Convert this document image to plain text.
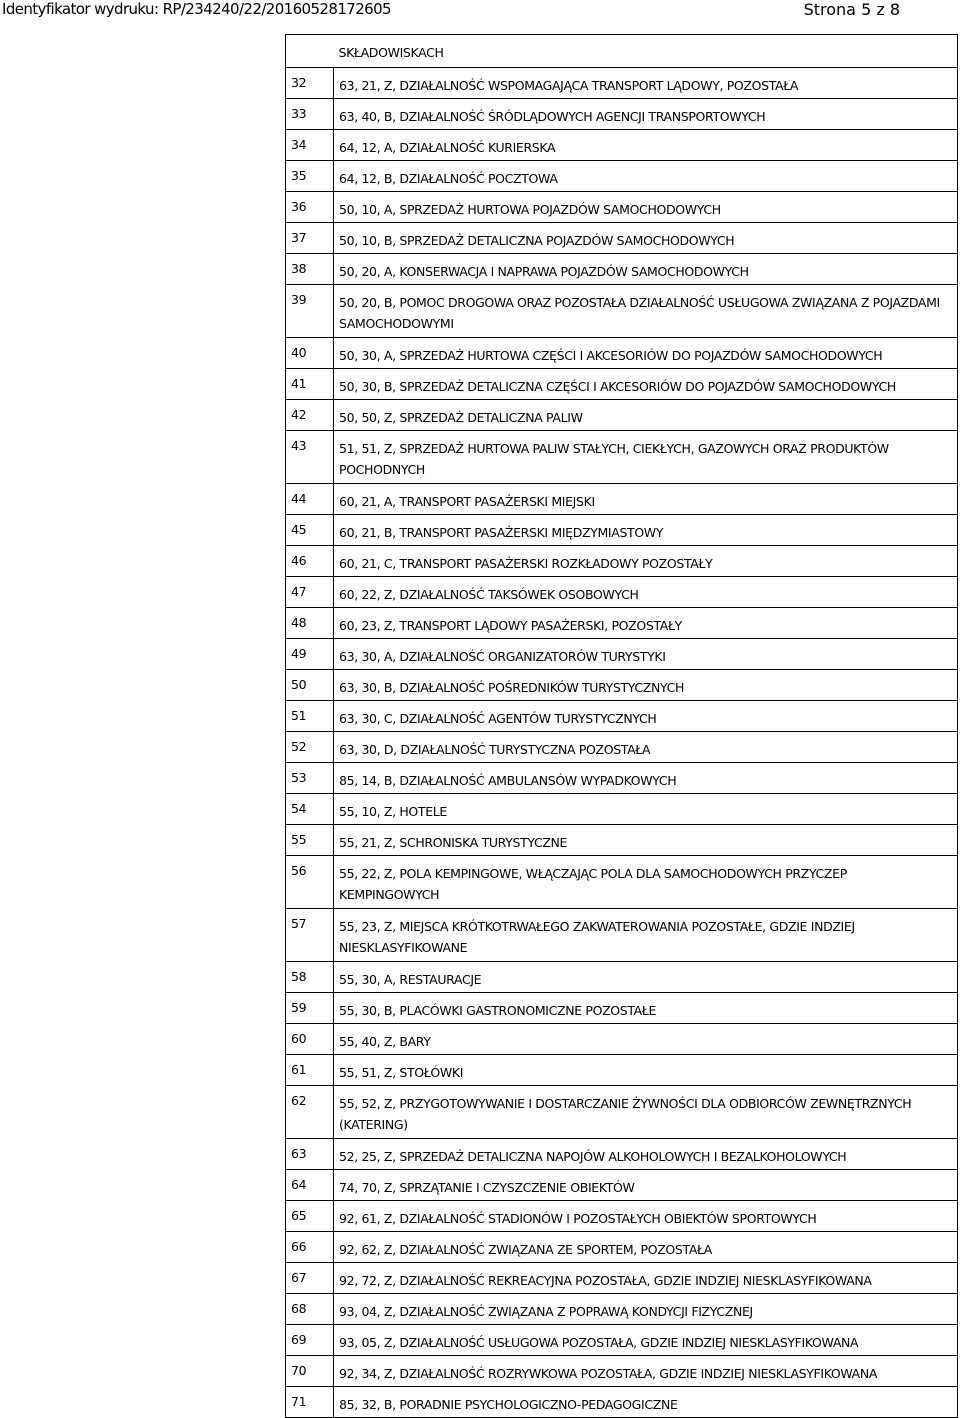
Identyfikator wydruku: RP/234240/22/20160528172605	Strona 5 z 8
	SKŁADOWISKACH
32	63, 21, Z, DZIAŁALNOŚĆ WSPOMAGAJĄCA TRANSPORT LĄDOWY, POZOSTAŁA
33	63, 40, B, DZIAŁALNOŚĆ ŚRÓDLĄDOWYCH AGENCJI TRANSPORTOWYCH
34	64, 12, A, DZIAŁALNOŚĆ KURIERSKA
35	64, 12, B, DZIAŁALNOŚĆ POCZTOWA
36	50, 10, A, SPRZEDAŻ HURTOWA POJAZDÓW SAMOCHODOWYCH
37	50, 10, B, SPRZEDAŻ DETALICZNA POJAZDÓW SAMOCHODOWYCH
38	50, 20, A, KONSERWACJA I NAPRAWA POJAZDÓW SAMOCHODOWYCH
39	50, 20, B, POMOC DROGOWA ORAZ POZOSTAŁA DZIAŁALNOŚĆ USŁUGOWA ZWIĄZANA Z POJAZDAMI SAMOCHODOWYMI
40	50, 30, A, SPRZEDAŻ HURTOWA CZĘŚCI I AKCESORIÓW DO POJAZDÓW SAMOCHODOWYCH
41	50, 30, B, SPRZEDAŻ DETALICZNA CZĘŚCI I AKCESORIÓW DO POJAZDÓW SAMOCHODOWYCH
42	50, 50, Z, SPRZEDAŻ DETALICZNA PALIW
43	51, 51, Z, SPRZEDAŻ HURTOWA PALIW STAŁYCH, CIEKŁYCH, GAZOWYCH ORAZ PRODUKTÓW POCHODNYCH
44	60, 21, A, TRANSPORT PASAŻERSKI MIEJSKI
45	60, 21, B, TRANSPORT PASAŻERSKI MIĘDZYMIASTOWY
46	60, 21, C, TRANSPORT PASAŻERSKI ROZKŁADOWY POZOSTAŁY
47	60, 22, Z, DZIAŁALNOŚĆ TAKSÓWEK OSOBOWYCH
48	60, 23, Z, TRANSPORT LĄDOWY PASAŻERSKI, POZOSTAŁY
49	63, 30, A, DZIAŁALNOŚĆ ORGANIZATORÓW TURYSTYKI
50	63, 30, B, DZIAŁALNOŚĆ POŚREDNIKÓW TURYSTYCZNYCH
51	63, 30, C, DZIAŁALNOŚĆ AGENTÓW TURYSTYCZNYCH
52	63, 30, D, DZIAŁALNOŚĆ TURYSTYCZNA POZOSTAŁA
53	85, 14, B, DZIAŁALNOŚĆ AMBULANSÓW WYPADKOWYCH
54	55, 10, Z, HOTELE
55	55, 21, Z, SCHRONISKA TURYSTYCZNE
56	55, 22, Z, POLA KEMPINGOWE, WŁĄCZAJĄC POLA DLA SAMOCHODOWYCH PRZYCZEP KEMPINGOWYCH
57	55, 23, Z, MIEJSCA KRÓTKOTRWAŁEGO ZAKWATEROWANIA POZOSTAŁE, GDZIE INDZIEJ NIESKLASYFIKOWANE
58	55, 30, A, RESTAURACJE
59	55, 30, B, PLACÓWKI GASTRONOMICZNE POZOSTAŁE
60	55, 40, Z, BARY
61	55, 51, Z, STOŁÓWKI
62	55, 52, Z, PRZYGOTOWYWANIE I DOSTARCZANIE ŻYWNOŚCI DLA ODBIORCÓW ZEWNĘTRZNYCH (KATERING)
63	52, 25, Z, SPRZEDAŻ DETALICZNA NAPOJÓW ALKOHOLOWYCH I BEZALKOHOLOWYCH
64	74, 70, Z, SPRZĄTANIE I CZYSZCZENIE OBIEKTÓW
65	92, 61, Z, DZIAŁALNOŚĆ STADIONÓW I POZOSTAŁYCH OBIEKTÓW SPORTOWYCH
66	92, 62, Z, DZIAŁALNOŚĆ ZWIĄZANA ZE SPORTEM, POZOSTAŁA
67	92, 72, Z, DZIAŁALNOŚĆ REKREACYJNA POZOSTAŁA, GDZIE INDZIEJ NIESKLASYFIKOWANA
68	93, 04, Z, DZIAŁALNOŚĆ ZWIĄZANA Z POPRAWĄ KONDYCJI FIZYCZNEJ
69	93, 05, Z, DZIAŁALNOŚĆ USŁUGOWA POZOSTAŁA, GDZIE INDZIEJ NIESKLASYFIKOWANA
70	92, 34, Z, DZIAŁALNOŚĆ ROZRYWKOWA POZOSTAŁA, GDZIE INDZIEJ NIESKLASYFIKOWANA
71	85, 32, B, PORADNIE PSYCHOLOGICZNO-PEDAGOGICZNE
